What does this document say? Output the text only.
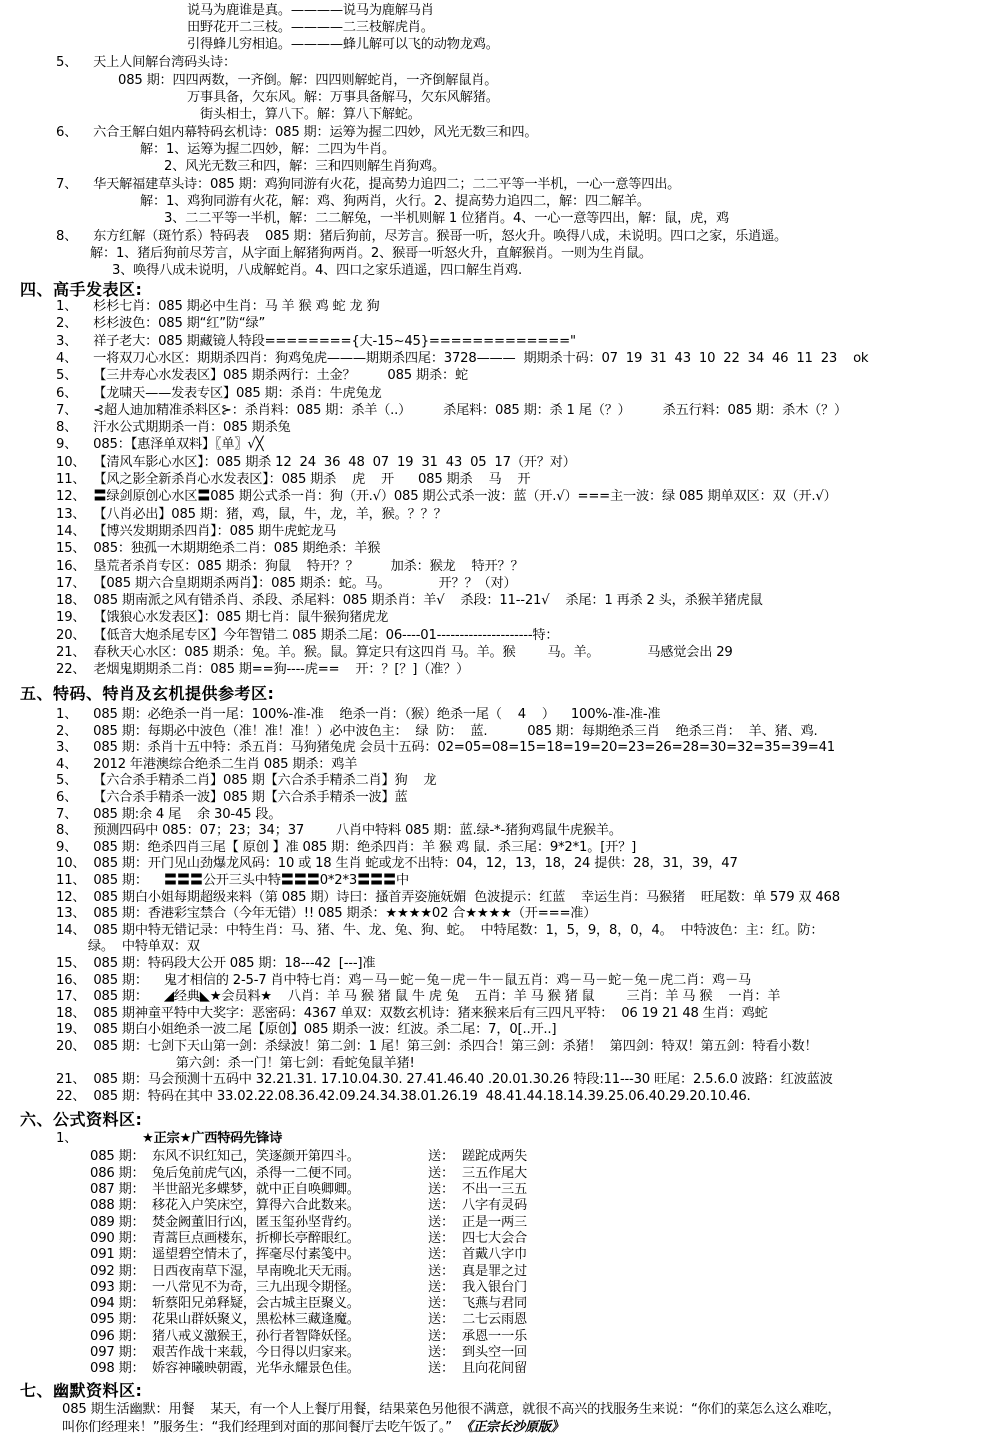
说马为鹿谁是真。————说马为鹿解马肖
田野花开二三枝。————二三枝解虎肖。
引得蜂儿穷相追。————蜂儿解可以飞的动物龙鸡。
5、    天上人间解台湾码头诗：
085 期：四四两数，一齐倒。解：四四则解蛇肖，一齐倒解鼠肖。
万事具备，欠东风。解：万事具备解马，欠东风解猪。
街头相士，算八下。解：算八下解蛇。
6、    六合王解白姐内幕特码玄机诗：085 期：运筹为握二四妙，风光无数三和四。
解：1、运筹为握二四妙，解：二四为牛肖。
2、风光无数三和四，解：三和四则解生肖狗鸡。
7、    华天解福建草头诗：085 期：鸡狗同游有火花，提高势力追四二；二二平等一半机，一心一意等四出。
解：1、鸡狗同游有火花，解：鸡、狗两肖，火行。2、提高势力追四二，解：四二解羊。
3、二二平等一半机，解：二二解兔，一半机则解 1 位猪肖。4、一心一意等四出，解：鼠，虎，鸡
8、    东方红解（斑竹系）特码表    085 期：猪后狗前，尽芳言。猴哥一听，怒火升。唤得八成，未说明。四口之家，乐逍遥。
解：1、猪后狗前尽芳言，从字面上解猪狗两肖。2、猴哥一听怒火升，直解猴肖。一则为生肖鼠。
3、唤得八成未说明，八成解蛇肖。4、四口之家乐逍遥，四口解生肖鸡.
四、高手发表区:
1、    杉杉七肖：085 期必中生肖：马 羊 猴 鸡 蛇 龙 狗
2、    杉杉波色：085 期“红”防“绿”
3、    祥子老大：085 期藏镜人特段========{大-15~45}============="
4、    一将双刀心水区：期期杀四肖：狗鸡兔虎———期期杀四尾：3728———  期期杀十码：07  19  31  43  10  22  34  46  11  23    ok
5、    【三井寿心水发表区】085 期杀两行：土金？        085 期杀：蛇
6、    【龙啸天——发表专区】085 期：杀肖：牛虎兔龙
7、    ⊰超人迪加精准杀料区⊱：杀肖料：085 期：杀羊（..）        杀尾料：085 期：杀 1 尾（？）        杀五行料：085 期：杀木（？）
8、    汗水公式期期杀一肖：085 期杀兔
9、    085：【惠泽单双料】〖单〗√╳
10、  【清风车影心水区】：085 期杀 12  24  36  48  07  19  31  43  05  17（开？对）
11、  【风之影全新杀肖心水发表区】：085 期杀    虎    开      085 期杀    马    开
12、  〓绿剑原创心水区〓085 期公式杀一肖：狗（开.√）085 期公式杀一波：蓝（开.√）===主一波：绿 085 期单双区：双（开.√）
13、  【八肖必出】085 期：猪，鸡，鼠，牛，龙，羊，猴。？？？
14、  【博兴发期期杀四肖】：085 期牛虎蛇龙马
15、  085：独孤一木期期绝杀二肖：085 期绝杀：羊猴
16、  垦荒者杀肖专区：085 期杀：狗鼠    特开？？        加杀：猴龙    特开？？
17、  【085 期六合皇期期杀两肖】：085 期杀：蛇。马。            开？？（对）
18、  085 期南派之风有错杀肖、杀段、杀尾料：085 期杀肖：羊√    杀段：11--21√    杀尾：1 再杀 2 头，杀猴羊猪虎鼠
19、  【饿狼心水发表区】：085 期七肖：鼠牛猴狗猪虎龙
20、  【低音大炮杀尾专区】今年智错二 085 期杀二尾：06----01---------------------特：
21、  春秋天心水区：085 期杀：兔。羊。猴。鼠。算定只有这四肖 马。羊。猴        马。羊。            马感觉会出 29
22、  老烟鬼期期杀二肖：085 期==狗----虎==    开：？[？]（准？）
五、特码、特肖及玄机提供参考区:
1、    085 期：必绝杀一肖一尾：100%-准-准    绝杀一肖：（猴）绝杀一尾（    4    ）    100%-准-准-准
2、    085 期：每期必中波色（准！准！准！）必中波色主：  绿  防：  蓝.          085 期：每期绝杀三肖    绝杀三肖：  羊、猪、鸡.
3、    085 期：杀肖十五中特：杀五肖：马狗猪兔虎 会员十五码：02=05=08=15=18=19=20=23=26=28=30=32=35=39=41
4、    2012 年港澳综合绝杀二生肖 085 期杀：鸡羊
5、    【六合杀手精杀二肖】085 期【六合杀手精杀二肖】狗    龙
6、    【六合杀手精杀一波】085 期【六合杀手精杀一波】蓝
7、    085 期:余 4 尾    余 30-45 段。
8、    预测四码中 085：07；23；34；37        八肖中特料 085 期：蓝.绿-*-猪狗鸡鼠牛虎猴羊。
9、    085 期：绝杀四肖三尾【 原创 】准 085 期：绝杀四肖：羊 猴 鸡 鼠.  杀三尾：9*2*1。[开？]
10、  085 期：开门见山劲爆龙风码：10 或 18 生肖 蛇或龙不出特：04，12，13，18，24 提供：28，31，39，47
11、  085 期：    〓〓〓公开三头中特〓〓〓0*2*3〓〓〓中
12、  085 期白小姐每期超级来料（第 085 期）诗曰：搔首弄姿施妩媚  色波提示：红蓝    幸运生肖：马猴猪    旺尾数：单 579 双 468
13、  085 期：香港彩宝禁合（今年无错）!! 085 期杀：★★★★02 合★★★★（开===准）
14、  085 期中特无错记录：中特生肖：马、猪、牛、龙、兔、狗、蛇。  中特尾数：1，5，9，8，0，4。  中特波色：主：红。防：
绿。  中特单双：双
15、  085 期：特码段大公开 085 期：18---42  [---]准
16、  085 期：    鬼才相信的 2-5-7 肖中特七肖：鸡－马－蛇－兔－虎－牛－鼠五肖：鸡－马－蛇－兔－虎二肖：鸡－马
17、  085 期：    ◢经典◣★会员料★    八肖：羊 马 猴 猪 鼠 牛 虎 兔    五肖：羊 马 猴 猪 鼠        三肖：羊 马 猴    一肖：羊
18、  085 期神童平特中大奖字：恶密码：4367 单双：双数玄机诗：猪来猴来后有三四凡平特：  06 19 21 48 生肖：鸡蛇
19、  085 期白小姐绝杀一波二尾【原创】085 期杀一波：红波。杀二尾：7，0[..开..]
20、  085 期：七剑下天山第一剑：杀绿波！第二剑：1 尾！第三剑：杀四合！第三剑：杀猪！  第四剑：特双！第五剑：特看小数！
第六剑：杀一门！第七剑：看蛇兔鼠羊猪!
21、  085 期：马会预测十五码中 32.21.31. 17.10.04.30. 27.41.46.40 .20.01.30.26 特段:11---30 旺尾：2.5.6.0 波路：红波蓝波
22、  085 期：特码在其中 33.02.22.08.36.42.09.24.34.38.01.26.19  48.41.44.18.14.39.25.06.40.29.20.10.46.
六、公式资料区:
1、	★正宗★广西特码先锋诗
085 期： 东风不识红知己，笑逐颜开第四斗。	送： 蹉跎成两失
086 期： 兔后兔前虎气凶，杀得一二便不同。	送： 三五作尾大
087 期： 半世韶光多蝶梦，就中正自唤卿卿。	送： 不出一三五
088 期： 移花入户笑床空，算得六合此数来。	送： 八字有灵码
089 期： 焚金阙董旧行凶，匿玉玺孙坚背约。	送： 正是一两三
090 期： 青蒿巨点画楼东，折柳长亭醉眼红。	送： 四七大会合
091 期： 遥望碧空情未了，挥毫尽付素笺中。	送： 首戴八字巾
092 期： 日西夜南草下湿，早南晚北天无雨。	送： 真是罪之过
093 期： 一八常见不为奇，三九出现令期怪。	送： 我入银台门
094 期： 斩蔡阳兄弟释疑，会古城主臣聚义。	送： 飞燕与君同
095 期： 花果山群妖聚义，黑松林三藏逢魔。	送： 二七云雨恩
096 期： 猪八戒义激猴王，孙行者智降妖怪。	送： 承恩一一乐
097 期： 艰苦作战十来载，今日得以归家来。	送： 到头空一回
098 期： 娇容神曦映朝霞，光华永耀景色佳。	送： 且向花间留
七、幽默资料区:
085 期生活幽默：用餐    某天，有一个人上餐厅用餐，结果菜色另他很不满意，就很不高兴的找服务生来说：“你们的菜怎么这么难吃，
叫你们经理来！”服务生：“我们经理到对面的那间餐厅去吃午饭了。”  《正宗长沙原版》
